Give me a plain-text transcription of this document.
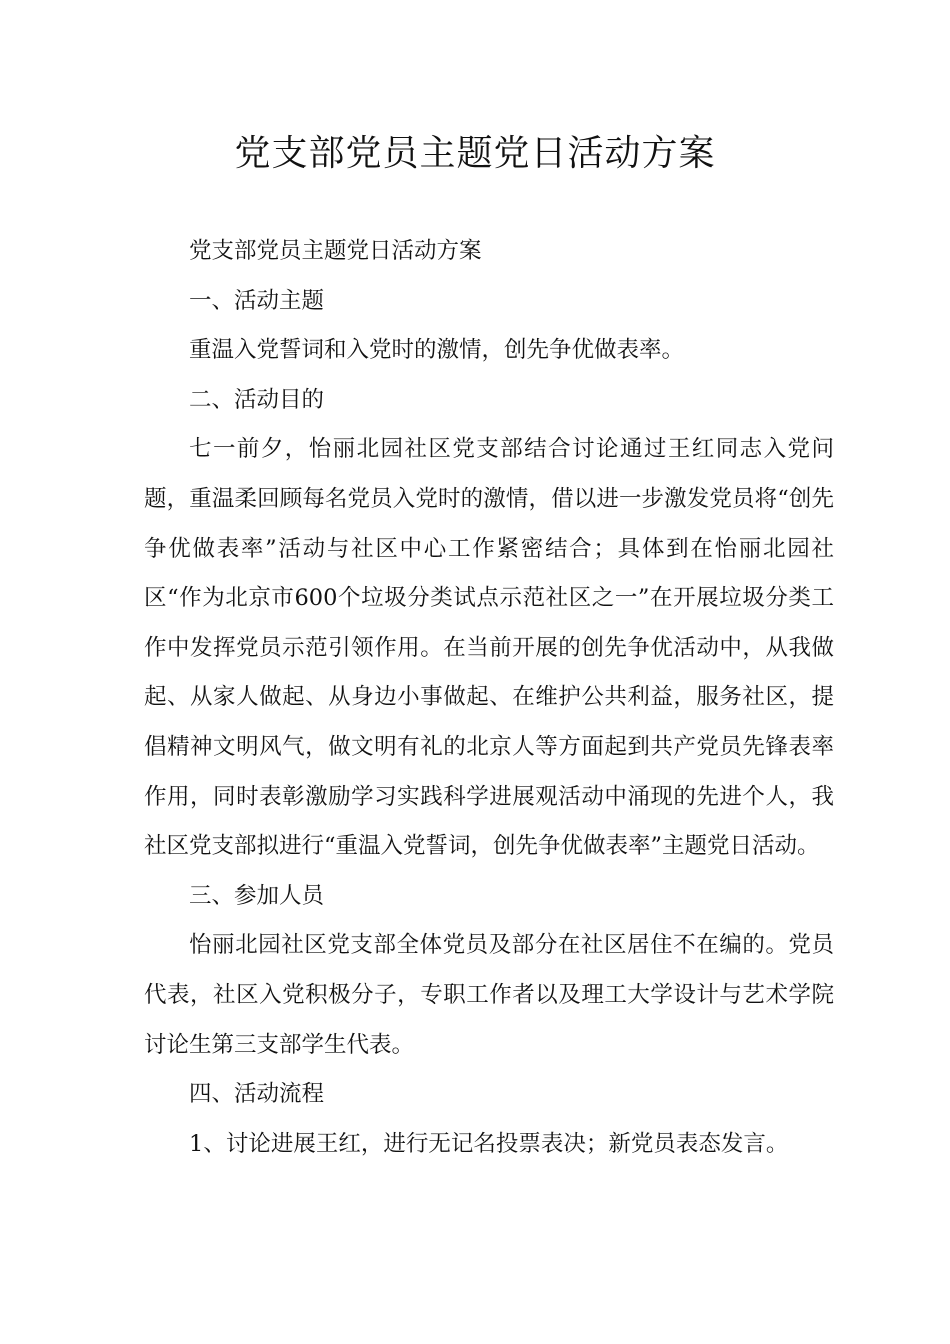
党支部党员主题党日活动方案

党支部党员主题党日活动方案

一、活动主题

重温入党誓词和入党时的激情，创先争优做表率。

二、活动目的

七一前夕，怡丽北园社区党支部结合讨论通过王红同志入党问题，重温柔回顾每名党员入党时的激情，借以进一步激发党员将“创先争优做表率”活动与社区中心工作紧密结合；具体到在怡丽北园社区“作为北京市600个垃圾分类试点示范社区之一”在开展垃圾分类工作中发挥党员示范引领作用。在当前开展的创先争优活动中，从我做起、从家人做起、从身边小事做起、在维护公共利益，服务社区，提倡精神文明风气，做文明有礼的北京人等方面起到共产党员先锋表率作用，同时表彰激励学习实践科学进展观活动中涌现的先进个人，我社区党支部拟进行“重温入党誓词，创先争优做表率”主题党日活动。

三、参加人员

怡丽北园社区党支部全体党员及部分在社区居住不在编的。党员代表，社区入党积极分子，专职工作者以及理工大学设计与艺术学院讨论生第三支部学生代表。

四、活动流程

1、讨论进展王红，进行无记名投票表决；新党员表态发言。
